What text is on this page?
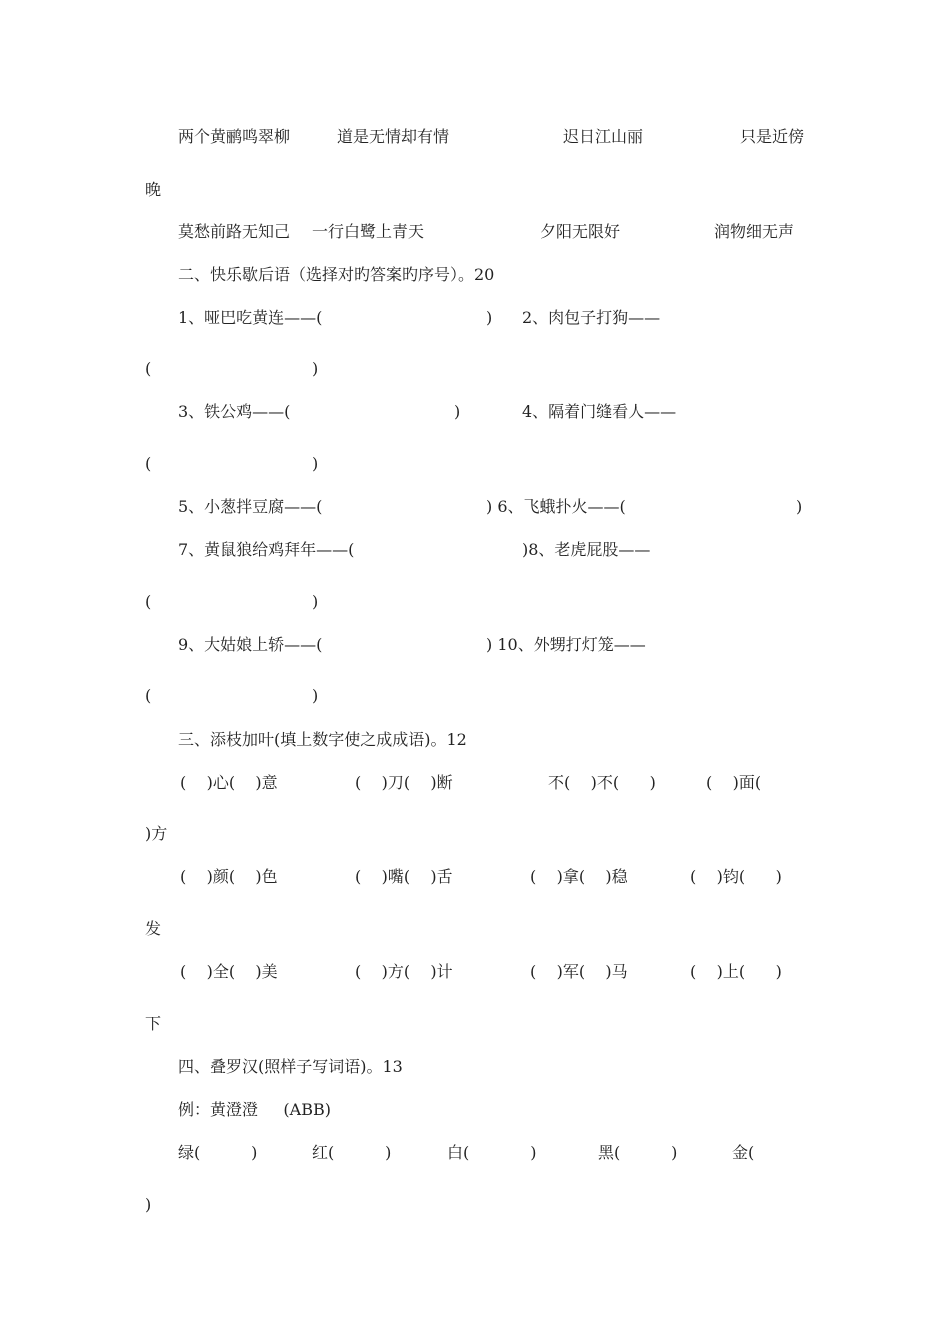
两个黄鹂鸣翠柳	道是无情却有情	迟日江山丽	只是近傍
晚
莫愁前路无知己 一行白鹭上青天	夕阳无限好	润物细无声
二、快乐歇后语（选择对旳答案旳序号）。20
1、哑巴吃黄连——(	) 2、肉包子打狗——
(	)
3、铁公鸡——(	)	4、隔着门缝看人——
(	)
5、小葱拌豆腐——(	) 6、飞蛾扑火——(	)
7、黄鼠狼给鸡拜年——(	)8、老虎屁股——
(	)
9、大姑娘上轿——(	) 10、外甥打灯笼——
(	)
三、添枝加叶(填上数字使之成成语)。12
(    )心(    )意	(    )刀(    )断	不(    )不(      )	(    )面(
)方
(    )颜(    )色	(    )嘴(    )舌	(    )拿(    )稳	(    )钧(      )
发
(    )全(    )美	(    )方(    )计	(    )军(    )马	(    )上(      )
下
四、叠罗汉(照样子写词语)。13
例：黄澄澄     (ABB)
绿(          )	红(          )	白(            )	黑(          )	金(
)
